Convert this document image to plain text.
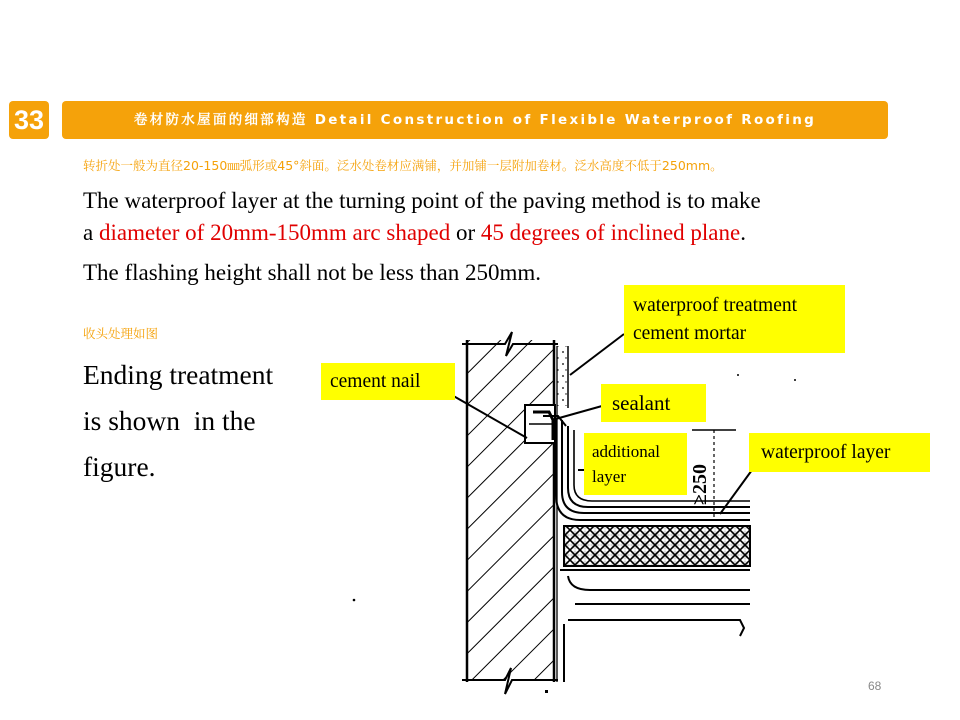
33	卷材防水屋面的细部构造 Detail Construction of Flexible Waterproof Roofing
转折处一般为直径20-150㎜弧形或45°斜面。泛水处卷材应满铺，并加铺一层附加卷材。泛水高度不低于250mm。
The waterproof layer at the turning point of the paving method is to make
a diameter of 20mm-150mm arc shaped or 45 degrees of inclined plane.
The flashing height shall not be less than 250mm.
收头处理如图
Ending treatment
is shown  in the
figure.	≥250
waterproof treatment
cement mortar
cement nail
sealant
additional
layer
waterproof layer
68
